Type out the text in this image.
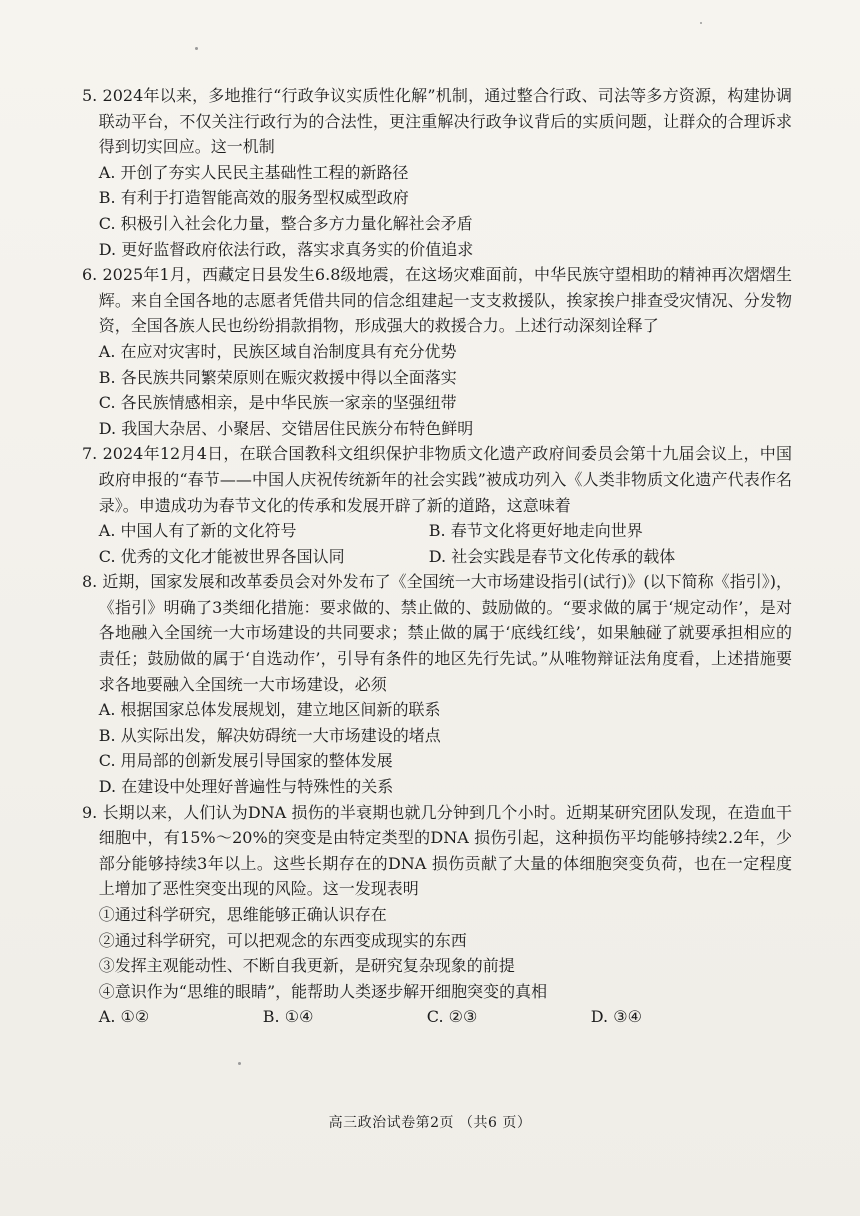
5. 2024年以来，多地推行“行政争议实质性化解”机制，通过整合行政、司法等多方资源，构建协调联动平台，不仅关注行政行为的合法性，更注重解决行政争议背后的实质问题，让群众的合理诉求得到切实回应。这一机制
A. 开创了夯实人民民主基础性工程的新路径
B. 有利于打造智能高效的服务型权威型政府
C. 积极引入社会化力量，整合多方力量化解社会矛盾
D. 更好监督政府依法行政，落实求真务实的价值追求
6. 2025年1月，西藏定日县发生6.8级地震，在这场灾难面前，中华民族守望相助的精神再次熠熠生辉。来自全国各地的志愿者凭借共同的信念组建起一支支救援队，挨家挨户排查受灾情况、分发物资，全国各族人民也纷纷捐款捐物，形成强大的救援合力。上述行动深刻诠释了
A. 在应对灾害时，民族区域自治制度具有充分优势
B. 各民族共同繁荣原则在赈灾救援中得以全面落实
C. 各民族情感相亲，是中华民族一家亲的坚强纽带
D. 我国大杂居、小聚居、交错居住民族分布特色鲜明
7. 2024年12月4日，在联合国教科文组织保护非物质文化遗产政府间委员会第十九届会议上，中国政府申报的“春节——中国人庆祝传统新年的社会实践”被成功列入《人类非物质文化遗产代表作名录》。申遗成功为春节文化的传承和发展开辟了新的道路，这意味着
A. 中国人有了新的文化符号	B. 春节文化将更好地走向世界
C. 优秀的文化才能被世界各国认同	D. 社会实践是春节文化传承的载体
8. 近期，国家发展和改革委员会对外发布了《全国统一大市场建设指引(试行)》(以下简称《指引》)，《指引》明确了3类细化措施：要求做的、禁止做的、鼓励做的。“要求做的属于‘规定动作’，是对各地融入全国统一大市场建设的共同要求；禁止做的属于‘底线红线’，如果触碰了就要承担相应的责任；鼓励做的属于‘自选动作’，引导有条件的地区先行先试。”从唯物辩证法角度看，上述措施要求各地要融入全国统一大市场建设，必须
A. 根据国家总体发展规划，建立地区间新的联系
B. 从实际出发，解决妨碍统一大市场建设的堵点
C. 用局部的创新发展引导国家的整体发展
D. 在建设中处理好普遍性与特殊性的关系
9. 长期以来，人们认为DNA 损伤的半衰期也就几分钟到几个小时。近期某研究团队发现，在造血干细胞中，有15%～20%的突变是由特定类型的DNA 损伤引起，这种损伤平均能够持续2.2年，少部分能够持续3年以上。这些长期存在的DNA 损伤贡献了大量的体细胞突变负荷，也在一定程度上增加了恶性突变出现的风险。这一发现表明
①通过科学研究，思维能够正确认识存在
②通过科学研究，可以把观念的东西变成现实的东西
③发挥主观能动性、不断自我更新，是研究复杂现象的前提
④意识作为“思维的眼睛”，能帮助人类逐步解开细胞突变的真相
A. ①②	B. ①④	C. ②③	D. ③④
高三政治试卷第2页 （共6 页）
